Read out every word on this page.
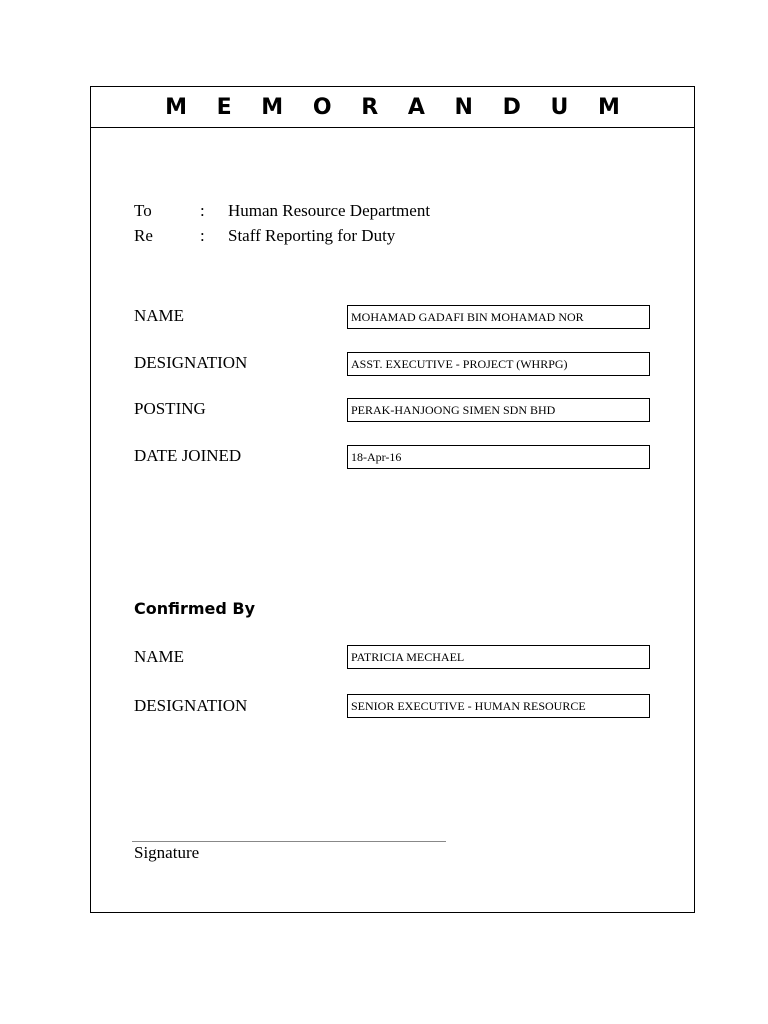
M E M O R A N D U M
To	: Human Resource Department
Re	: Staff Reporting for Duty
NAME	MOHAMAD GADAFI BIN MOHAMAD NOR
DESIGNATION	ASST. EXECUTIVE - PROJECT (WHRPG)
POSTING	PERAK-HANJOONG SIMEN SDN BHD
DATE JOINED	18-Apr-16
Confirmed By
NAME	PATRICIA MECHAEL
DESIGNATION	SENIOR EXECUTIVE - HUMAN RESOURCE
Signature
